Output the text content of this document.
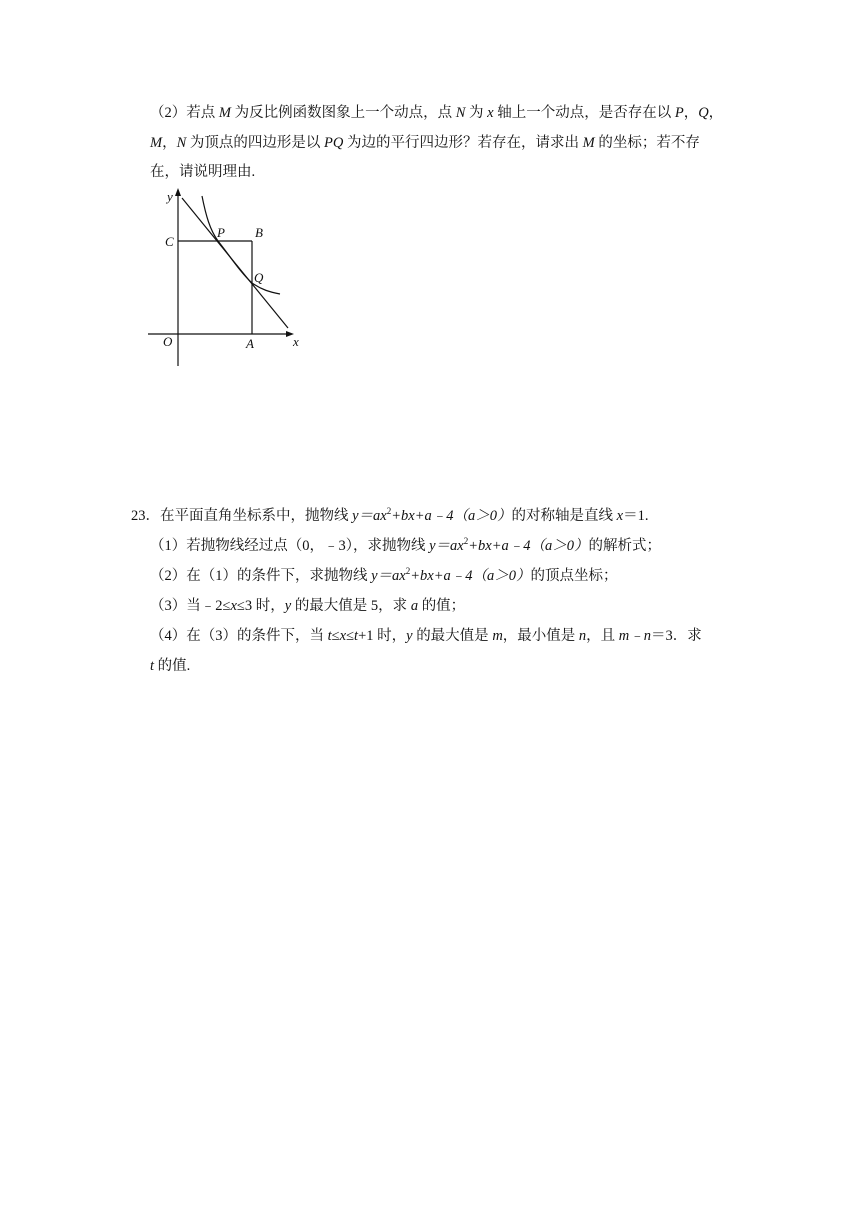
（2）若点 M 为反比例函数图象上一个动点，点 N 为 x 轴上一个动点，是否存在以 P，Q，
M，N 为顶点的四边形是以 PQ 为边的平行四边形？若存在，请求出 M 的坐标；若不存
在，请说明理由.
y
C
P B
Q
O	A	x
23．在平面直角坐标系中，抛物线 $y=ax^2+bx+a﹣4(a>0)$的对称轴是直线 x＝1.
（1）若抛物线经过点（0，﹣3），求抛物线 $y=ax^2+bx+a﹣4(a>0)$的解析式；
（2）在（1）的条件下，求抛物线 $y=ax^2+bx+a﹣4(a>0)$的顶点坐标；
（3）当﹣2≤x≤3 时，y 的最大值是 5，求 a 的值；
（4）在（3）的条件下，当 t≤x≤t+1 时，y 的最大值是 m，最小值是 n，且 m﹣n＝3．求
t 的值.
